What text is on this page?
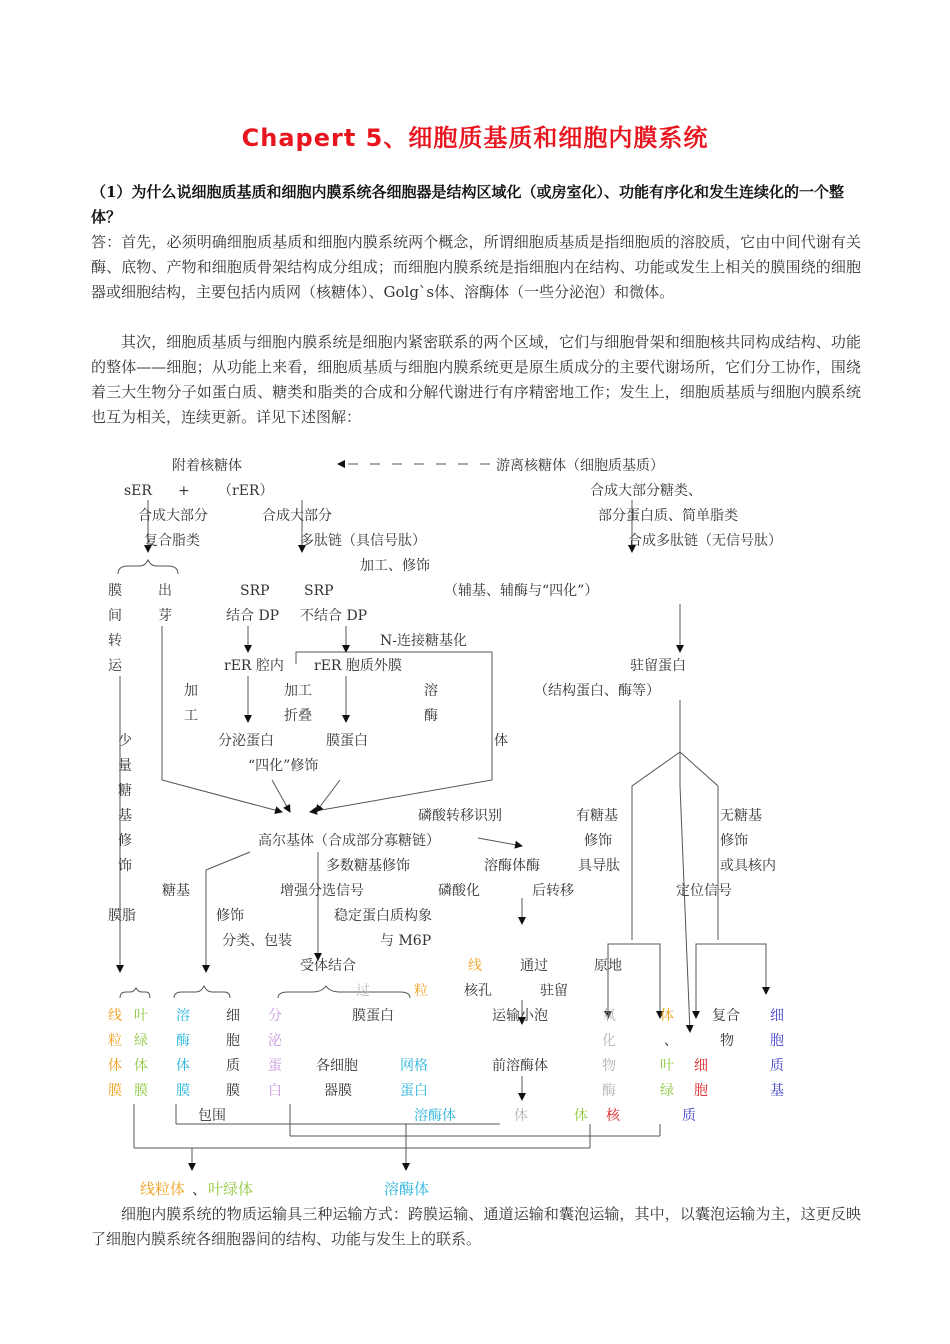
Chapert 5、细胞质基质和细胞内膜系统
（1）为什么说细胞质基质和细胞内膜系统各细胞器是结构区域化（或房室化）、功能有序化和发生连续化的一个整体？
答：首先，必须明确细胞质基质和细胞内膜系统两个概念，所谓细胞质基质是指细胞质的溶胶质，它由中间代谢有关酶、底物、产物和细胞质骨架结构成分组成；而细胞内膜系统是指细胞内在结构、功能或发生上相关的膜围绕的细胞器或细胞结构，主要包括内质网（核糖体）、Golg`s体、溶酶体（一些分泌泡）和微体。
其次，细胞质基质与细胞内膜系统是细胞内紧密联系的两个区域，它们与细胞骨架和细胞核共同构成结构、功能的整体——细胞；从功能上来看，细胞质基质与细胞内膜系统更是原生质成分的主要代谢场所，它们分工协作，围绕着三大生物分子如蛋白质、糖类和脂类的合成和分解代谢进行有序精密地工作；发生上，细胞质基质与细胞内膜系统也互为相关，连续更新。详见下述图解：
附着核糖体	游离核糖体（细胞质基质）
sER + （rER）	合成大部分糖类、
合成大部分	合成大部分	部分蛋白质、简单脂类
复合脂类	多肽链（具信号肽）	合成多肽链（无信号肽）
加工、修饰
膜
间
转
运
出
芽
SRP SRP	（辅基、辅酶与“四化”）
结合 DP 不结合 DP
N-连接糖基化
rER 腔内 rER 胞质外膜	驻留蛋白
加
工
加工
折叠
溶
酶
体
（结构蛋白、酶等）
少
量
糖
基
修
饰
分泌蛋白	膜蛋白
“四化”修饰
磷酸转移识别	有糖基	无糖基
高尔基体（合成部分寡糖链）	修饰	修饰
多数糖基修饰	溶酶体酶	具导肽	或具核内
糖基	增强分选信号	磷酸化	后转移	定位信号
膜脂	修饰	稳定蛋白质构象
分类、包装	与 M6P
受体结合	线	通过	原地
过	粒	核孔	驻留
线
粒
体
膜
叶
绿
体
膜
溶
酶
体
膜
细
胞
质
膜
分
泌
蛋
白
膜蛋白	运输小泡
各细胞
器膜
网格
蛋白
前溶酶体
氧
化
物
酶
体
体
、
叶
绿
体
复合
物
细
胞
核
细
胞
质
基
质
包围	溶酶体
线粒体 、 叶绿体	溶酶体
细胞内膜系统的物质运输具三种运输方式：跨膜运输、通道运输和囊泡运输，其中，以囊泡运输为主，这更反映了细胞内膜系统各细胞器间的结构、功能与发生上的联系。
